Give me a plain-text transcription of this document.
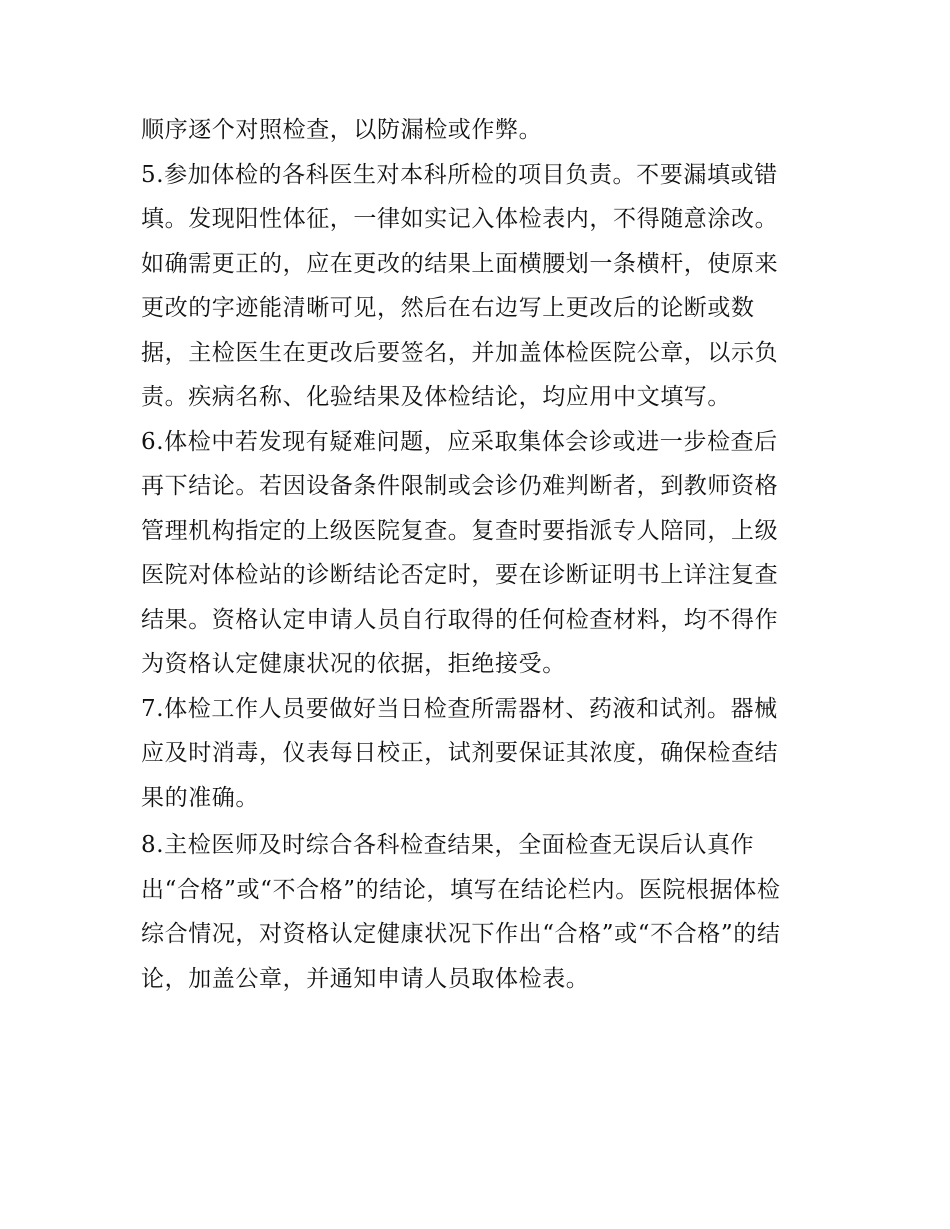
顺序逐个对照检查，以防漏检或作弊。
5.参加体检的各科医生对本科所检的项目负责。不要漏填或错
填。发现阳性体征，一律如实记入体检表内，不得随意涂改。
如确需更正的，应在更改的结果上面横腰划一条横杆，使原来
更改的字迹能清晰可见，然后在右边写上更改后的论断或数
据，主检医生在更改后要签名，并加盖体检医院公章，以示负
责。疾病名称、化验结果及体检结论，均应用中文填写。
6.体检中若发现有疑难问题，应采取集体会诊或进一步检查后
再下结论。若因设备条件限制或会诊仍难判断者，到教师资格
管理机构指定的上级医院复查。复查时要指派专人陪同，上级
医院对体检站的诊断结论否定时，要在诊断证明书上详注复查
结果。资格认定申请人员自行取得的任何检查材料，均不得作
为资格认定健康状况的依据，拒绝接受。
7.体检工作人员要做好当日检查所需器材、药液和试剂。器械
应及时消毒，仪表每日校正，试剂要保证其浓度，确保检查结
果的准确。
8.主检医师及时综合各科检查结果，全面检查无误后认真作
出“合格”或“不合格”的结论，填写在结论栏内。医院根据体检
综合情况，对资格认定健康状况下作出“合格”或“不合格”的结
论，加盖公章，并通知申请人员取体检表。
